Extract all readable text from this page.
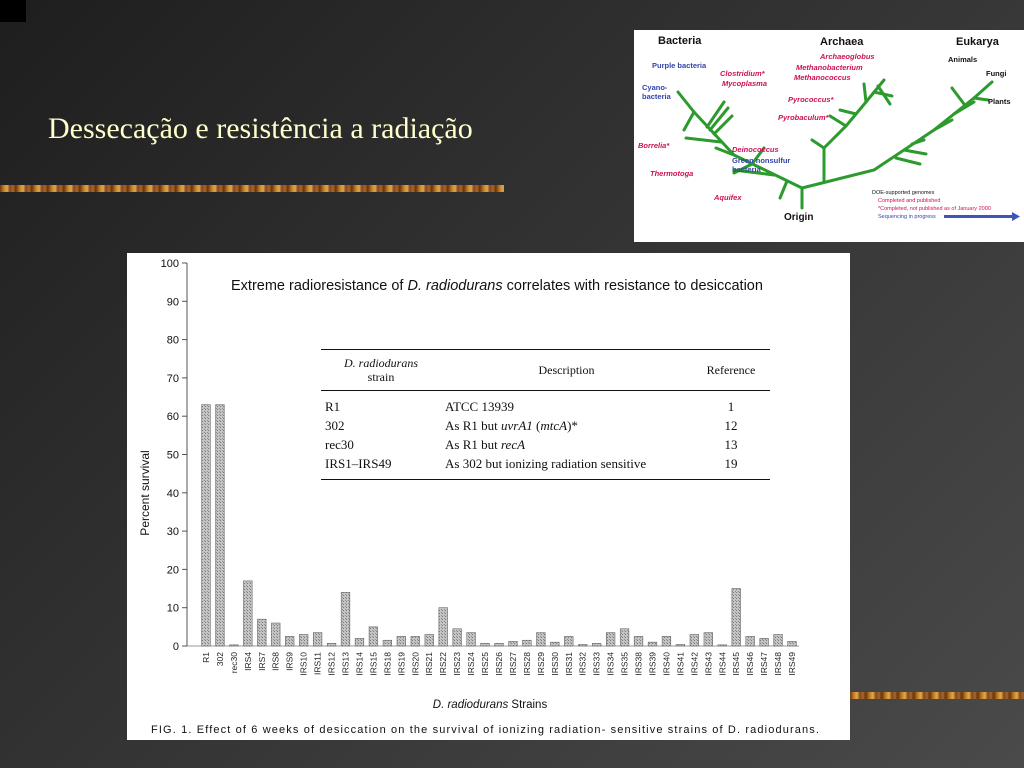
Dessecação e resistência a radiação
Bacteria	Archaea	Eukarya
Origin
Purple bacteria
Cyano-
bacteria
Clostridium*
Mycoplasma
Borrelia*	Deinococcus
Green nonsulfur
bacteria
Thermotoga
Aquifex
Archaeoglobus
Methanobacterium
Methanococcus
Pyrococcus*
Pyrobaculum*
Animals
Fungi
Plants
DOE-supported genomes
Completed and published
*Completed, not published as of January 2000
Sequencing in progress
Extreme radioresistance of D. radiodurans correlates with resistance to desiccation
Percent survival
D. radiodurans Strains
FIG. 1. Effect of 6 weeks of desiccation on the survival of ionizing radiation- sensitive strains of D. radiodurans.
0
10
20
30
40
50
60
70
80
90
100
R1 302 rec30 IRS4 IRS7 IRS8 IRS9 IRS10 IRS11 IRS12 IRS13 IRS14 IRS15 IRS18 IRS19 IRS20 IRS21 IRS22 IRS23 IRS24 IRS25 IRS26 IRS27 IRS28 IRS29 IRS30 IRS31 IRS32 IRS33 IRS34 IRS35 IRS38 IRS39 IRS40 IRS41 IRS42 IRS43 IRS44 IRS45 IRS46 IRS47 IRS48 IRS49
D. radiodurans
strain	Description	Reference
R1	ATCC 13939	1
302	As R1 but uvrA1 (mtcA)*	12
rec30	As R1 but recA	13
IRS1–IRS49	As 302 but ionizing radiation sensitive	19
